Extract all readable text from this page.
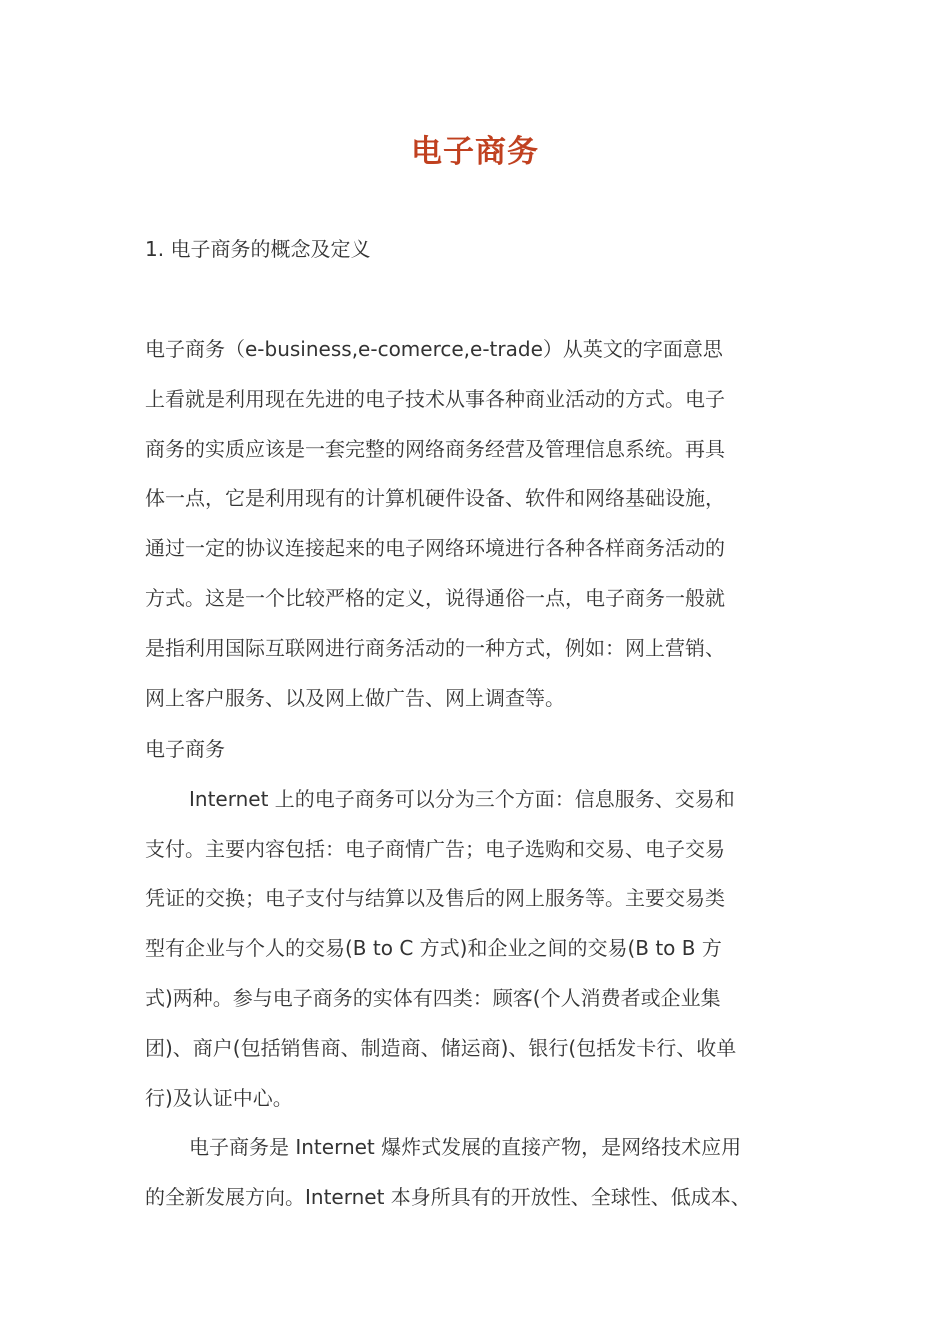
电子商务
1. 电子商务的概念及定义
电子商务（e-business,e-comerce,e-trade）从英文的字面意思
上看就是利用现在先进的电子技术从事各种商业活动的方式。电子
商务的实质应该是一套完整的网络商务经营及管理信息系统。再具
体一点，它是利用现有的计算机硬件设备、软件和网络基础设施，
通过一定的协议连接起来的电子网络环境进行各种各样商务活动的
方式。这是一个比较严格的定义，说得通俗一点，电子商务一般就
是指利用国际互联网进行商务活动的一种方式，例如：网上营销、
网上客户服务、以及网上做广告、网上调查等。
电子商务
Internet 上的电子商务可以分为三个方面：信息服务、交易和
支付。主要内容包括：电子商情广告；电子选购和交易、电子交易
凭证的交换；电子支付与结算以及售后的网上服务等。主要交易类
型有企业与个人的交易(B to C 方式)和企业之间的交易(B to B 方
式)两种。参与电子商务的实体有四类：顾客(个人消费者或企业集
团)、商户(包括销售商、制造商、储运商)、银行(包括发卡行、收单
行)及认证中心。
电子商务是 Internet 爆炸式发展的直接产物，是网络技术应用
的全新发展方向。Internet 本身所具有的开放性、全球性、低成本、
